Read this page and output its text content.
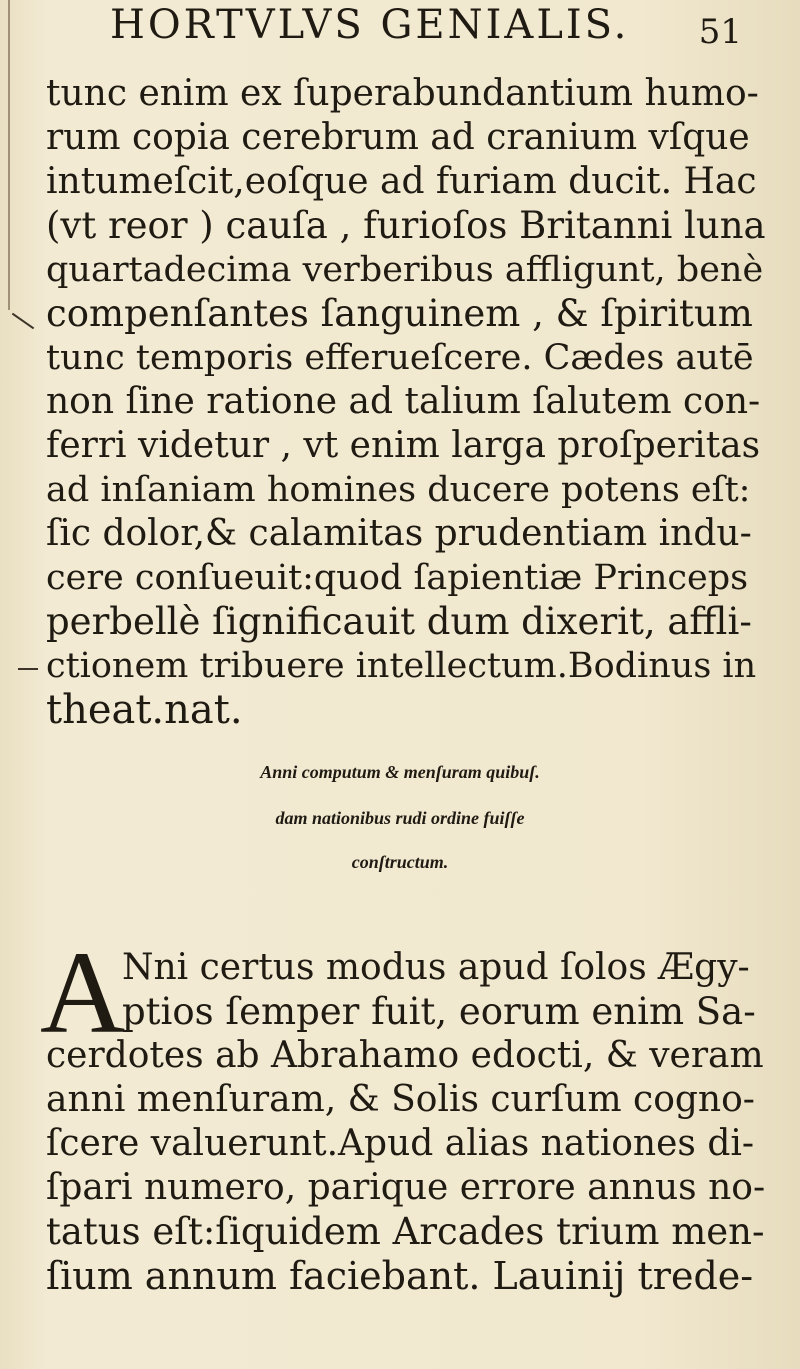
HORTVLVS GENIALIS.	51
tunc enim ex ſuperabundantium humo-
rum copia cerebrum ad cranium vſque
intumeſcit,eoſque ad furiam ducit. Hac
(vt reor ) cauſa , furioſos Britanni luna
quartadecima verberibus affligunt, benè
compenſantes ſanguinem , & ſpiritum
tunc temporis efferueſcere. Cædes autē
non ſine ratione ad talium ſalutem con-
ferri videtur , vt enim larga proſperitas
ad inſaniam homines ducere potens eſt:
ſic dolor,& calamitas prudentiam indu-
cere conſueuit:quod ſapientiæ Princeps
perbellè ſignificauit dum dixerit, affli-
ctionem tribuere intellectum.Bodinus in
theat.nat.
Anni computum & menſuram quibuſ.
dam nationibus rudi ordine fuiſſe
conſtructum.
A
Nni certus modus apud ſolos Ægy-
ptios ſemper fuit, eorum enim Sa-
cerdotes ab Abrahamo edocti, & veram
anni menſuram, & Solis curſum cogno-
ſcere valuerunt.Apud alias nationes di-
ſpari numero, parique errore annus no-
tatus eſt:ſiquidem Arcades trium men-
ſium annum faciebant. Lauinij trede-
